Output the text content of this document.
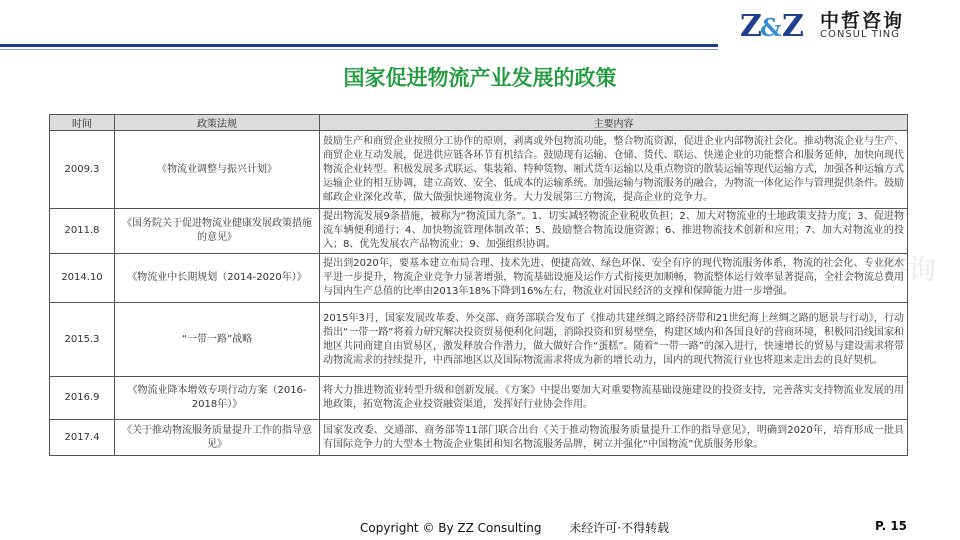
Z
& Z 中哲咨询
CONSUL TING
国家促进物流产业发展的政策
咨询
时间	政策法规	主要内容
2009.3	《物流业调整与振兴计划》	鼓励生产和商贸企业按照分工协作的原则，剥离或外包物流功能，整合物流资源，促进企业内部物流社会化。推动物流企业与生产、商贸企业互动发展，促进供应链各环节有机结合。鼓励现有运输、仓储、货代、联运、快递企业的功能整合和服务延伸，加快向现代物流企业转型。积极发展多式联运、集装箱、特种货物、厢式货车运输以及重点物资的散装运输等现代运输方式，加强各种运输方式运输企业的相互协调，建立高效、安全、低成本的运输系统。加强运输与物流服务的融合，为物流一体化运作与管理提供条件。鼓励邮政企业深化改革，做大做强快递物流业务。大力发展第三方物流，提高企业的竞争力。
2011.8	《国务院关于促进物流业健康发展政策措施的意见》	提出物流发展9条措施，被称为“物流国九条”。1、切实减轻物流企业税收负担；2、加大对物流业的土地政策支持力度；3、促进物流车辆便利通行；4、加快物流管理体制改革；5、鼓励整合物流设施资源；6、推进物流技术创新和应用；7、加大对物流业的投入；8、优先发展农产品物流业；9、加强组织协调。
2014.10	《物流业中长期规划（2014-2020年）》	提出到2020年，要基本建立布局合理、技术先进、便捷高效、绿色环保、安全有序的现代物流服务体系，物流的社会化、专业化水平进一步提升，物流企业竞争力显著增强，物流基础设施及运作方式衔接更加顺畅，物流整体运行效率显著提高，全社会物流总费用与国内生产总值的比率由2013年18%下降到16%左右，物流业对国民经济的支撑和保障能力进一步增强。
2015.3	“一带一路”战略	2015年3月，国家发展改革委、外交部、商务部联合发布了《推动共建丝绸之路经济带和21世纪海上丝绸之路的愿景与行动》，行动指出“一带一路”将着力研究解决投资贸易便利化问题，消除投资和贸易壁垒，构建区域内和各国良好的营商环境，积极同沿线国家和地区共同商建自由贸易区，激发释放合作潜力，做大做好合作“蛋糕”。随着“一带一路”的深入进行，快速增长的贸易与建设需求将带动物流需求的持续提升，中西部地区以及国际物流需求将成为新的增长动力，国内的现代物流行业也将迎来走出去的良好契机。
2016.9	《物流业降本增效专项行动方案（2016-2018年）》	将大力推进物流业转型升级和创新发展。《方案》中提出要加大对重要物流基础设施建设的投资支持，完善落实支持物流业发展的用地政策，拓宽物流企业投资融资渠道，发挥好行业协会作用。
2017.4	《关于推动物流服务质量提升工作的指导意见》	国家发改委、交通部、商务部等11部门联合出台《关于推动物流服务质量提升工作的指导意见》，明确到2020年，培育形成一批具有国际竞争力的大型本土物流企业集团和知名物流服务品牌，树立并强化“中国物流”优质服务形象。
Copyright © By ZZ Consulting 未经许可·不得转载	P. 15
